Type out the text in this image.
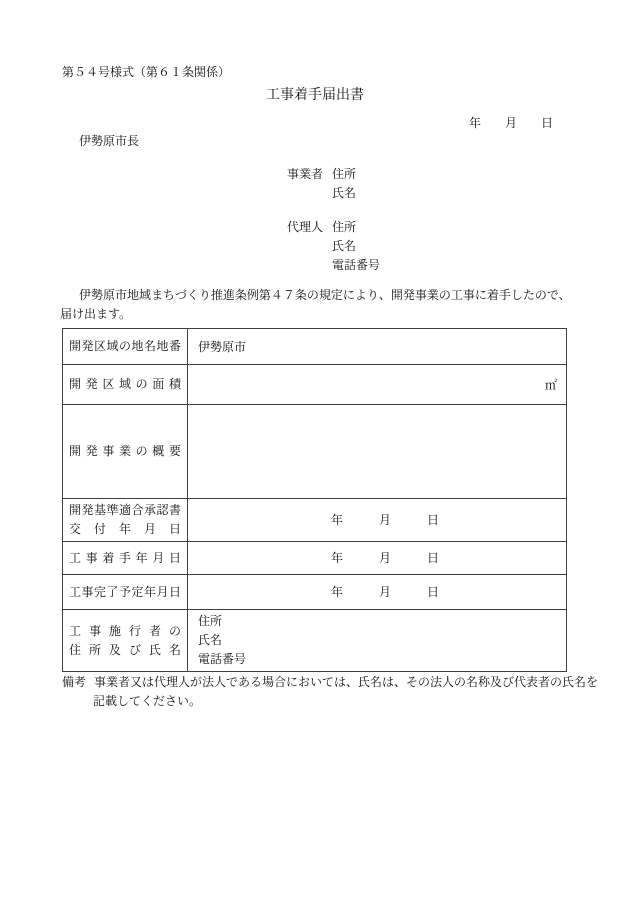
第５４号様式（第６１条関係）
工事着手届出書
年　　月　　日
伊勢原市長
事業者 住所
氏名
代理人 住所
氏名
電話番号

伊勢原市地域まちづくり推進条例第４７条の規定により、開発事業の工事に着手したので、
届け出ます。

開発区域の地名地番	伊勢原市

開発区域の面積	㎡

開発事業の概要	

開発基準適合承認書
交付年月日	年　　　月　　　日

工事着手年月日	年　　　月　　　日

工事完了予定年月日	年　　　月　　　日

工事施行者の
住所及び氏名	住所
氏名
電話番号
備考 事業者又は代理人が法人である場合においては、氏名は、その法人の名称及び代表者の氏名を
記載してください。
